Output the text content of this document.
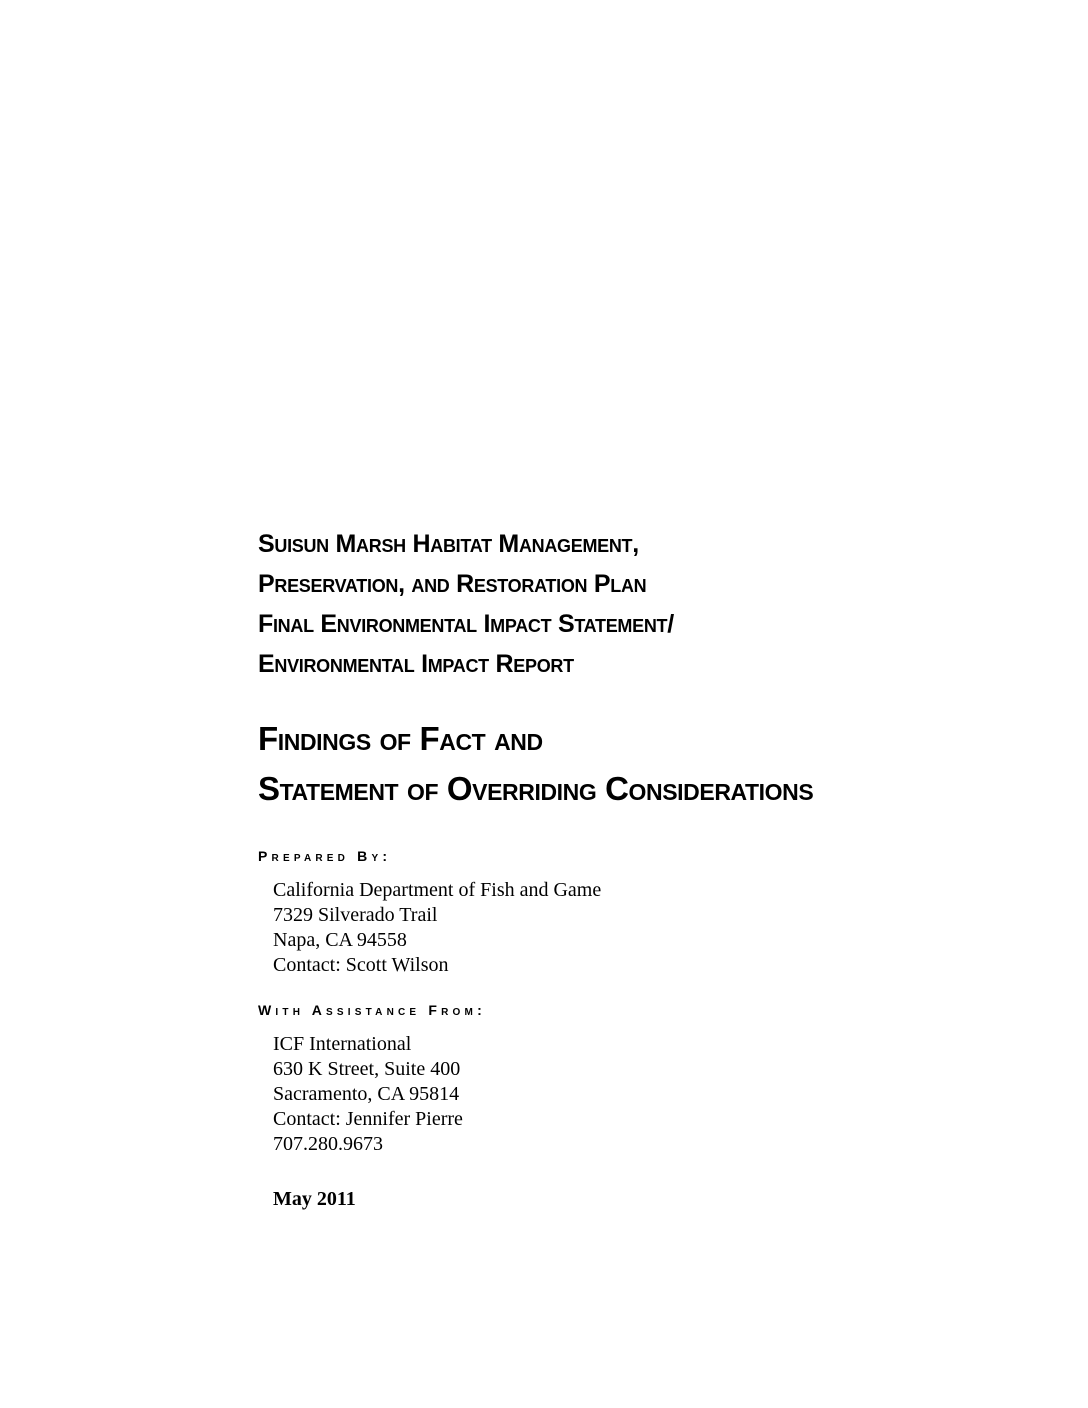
Suisun Marsh Habitat Management,
Preservation, and Restoration Plan
Final Environmental Impact Statement/
Environmental Impact Report
Findings of Fact and
Statement of Overriding Considerations
Prepared By:
California Department of Fish and Game
7329 Silverado Trail
Napa, CA 94558
Contact: Scott Wilson
With Assistance From:
ICF International
630 K Street, Suite 400
Sacramento, CA 95814
Contact: Jennifer Pierre
707.280.9673
May 2011
